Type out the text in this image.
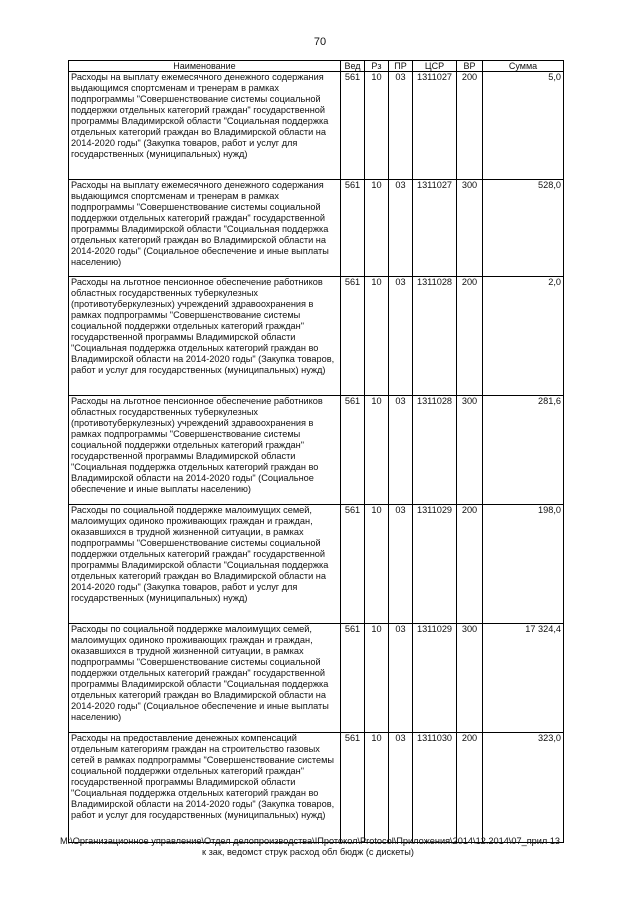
70
Наименование	Вед	Рз	ПР	ЦСР	ВР	Сумма
Расходы на выплату ежемесячного денежного содержания выдающимся спортсменам и тренерам в рамках подпрограммы "Совершенствование системы социальной поддержки отдельных категорий граждан" государственной программы Владимирской области "Социальная поддержка отдельных категорий граждан во Владимирской области на 2014-2020 годы" (Закупка товаров, работ и услуг для государственных (муниципальных) нужд)	561	10	03	1311027	200	5,0
Расходы на выплату ежемесячного денежного содержания выдающимся спортсменам и тренерам в рамках подпрограммы "Совершенствование системы социальной поддержки отдельных категорий граждан" государственной программы Владимирской области "Социальная поддержка отдельных категорий граждан во Владимирской области на 2014-2020 годы" (Социальное обеспечение и иные выплаты населению)	561	10	03	1311027	300	528,0
Расходы на льготное пенсионное обеспечение работников областных государственных туберкулезных (противотуберкулезных) учреждений здравоохранения в рамках подпрограммы "Совершенствование системы социальной поддержки отдельных категорий граждан" государственной программы Владимирской области "Социальная поддержка отдельных категорий граждан во Владимирской области на 2014-2020 годы" (Закупка товаров, работ и услуг для государственных (муниципальных) нужд)	561	10	03	1311028	200	2,0
Расходы на льготное пенсионное обеспечение работников областных государственных туберкулезных (противотуберкулезных) учреждений здравоохранения в рамках подпрограммы "Совершенствование системы социальной поддержки отдельных категорий граждан" государственной программы Владимирской области "Социальная поддержка отдельных категорий граждан во Владимирской области на 2014-2020 годы" (Социальное обеспечение и иные выплаты населению)	561	10	03	1311028	300	281,6
Расходы по социальной поддержке малоимущих семей, малоимущих одиноко проживающих граждан и граждан, оказавшихся в трудной жизненной ситуации, в рамках подпрограммы "Совершенствование системы социальной поддержки отдельных категорий граждан" государственной программы Владимирской области "Социальная поддержка отдельных категорий граждан во Владимирской области на 2014-2020 годы" (Закупка товаров, работ и услуг для государственных (муниципальных) нужд)	561	10	03	1311029	200	198,0
Расходы по социальной поддержке малоимущих семей, малоимущих одиноко проживающих граждан и граждан, оказавшихся в трудной жизненной ситуации, в рамках подпрограммы "Совершенствование системы социальной поддержки отдельных категорий граждан" государственной программы Владимирской области "Социальная поддержка отдельных категорий граждан во Владимирской области на 2014-2020 годы" (Социальное обеспечение и иные выплаты населению)	561	10	03	1311029	300	17 324,4
Расходы на предоставление денежных компенсаций отдельным категориям граждан на строительство газовых сетей в рамках подпрограммы "Совершенствование системы социальной поддержки отдельных категорий граждан" государственной программы Владимирской области "Социальная поддержка отдельных категорий граждан во Владимирской области на 2014-2020 годы" (Закупка товаров, работ и услуг для государственных (муниципальных) нужд)	561	10	03	1311030	200	323,0
M:\Организационное управление\Отдел делопроизводства\!Протокол\Protocol\Приложения\2014\12.2014\07_прил 13
к зак, ведомст струк расход обл бюдж (с дискеты)
